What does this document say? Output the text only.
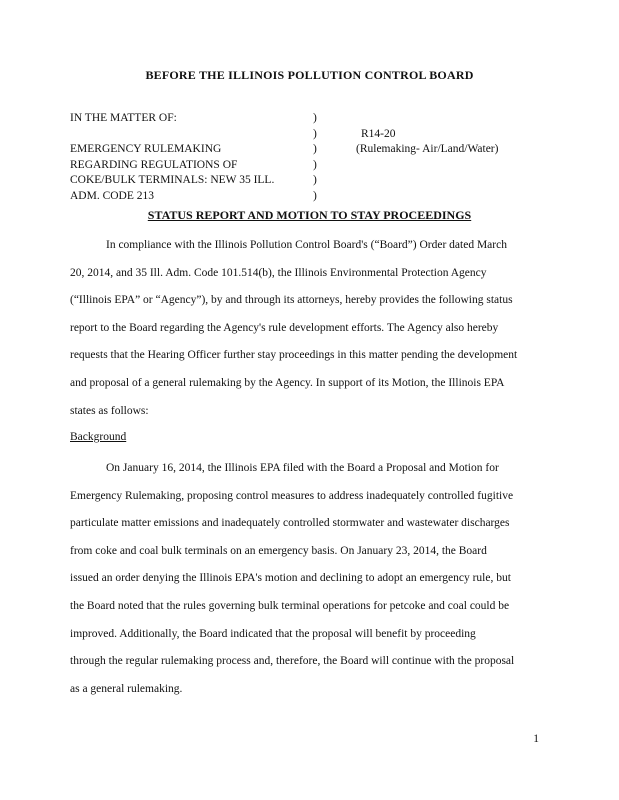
BEFORE THE ILLINOIS POLLUTION CONTROL BOARD
IN THE MATTER OF:
EMERGENCY RULEMAKING
REGARDING REGULATIONS OF
COKE/BULK TERMINALS: NEW 35 ILL.
ADM. CODE 213
)
)
)
)
)
)
R14-20
(Rulemaking- Air/Land/Water)
STATUS REPORT AND MOTION TO STAY PROCEEDINGS

In compliance with the Illinois Pollution Control Board's (“Board”) Order dated March

20, 2014, and 35 Ill. Adm. Code 101.514(b), the Illinois Environmental Protection Agency
(“Illinois EPA” or “Agency”), by and through its attorneys, hereby provides the following status
report to the Board regarding the Agency's rule development efforts. The Agency also hereby
requests that the Hearing Officer further stay proceedings in this matter pending the development
and proposal of a general rulemaking by the Agency. In support of its Motion, the Illinois EPA
states as follows:
Background

On January 16, 2014, the Illinois EPA filed with the Board a Proposal and Motion for

Emergency Rulemaking, proposing control measures to address inadequately controlled fugitive
particulate matter emissions and inadequately controlled stormwater and wastewater discharges
from coke and coal bulk terminals on an emergency basis. On January 23, 2014, the Board
issued an order denying the Illinois EPA's motion and declining to adopt an emergency rule, but
the Board noted that the rules governing bulk terminal operations for petcoke and coal could be
improved. Additionally, the Board indicated that the proposal will benefit by proceeding
through the regular rulemaking process and, therefore, the Board will continue with the proposal
as a general rulemaking.
1
